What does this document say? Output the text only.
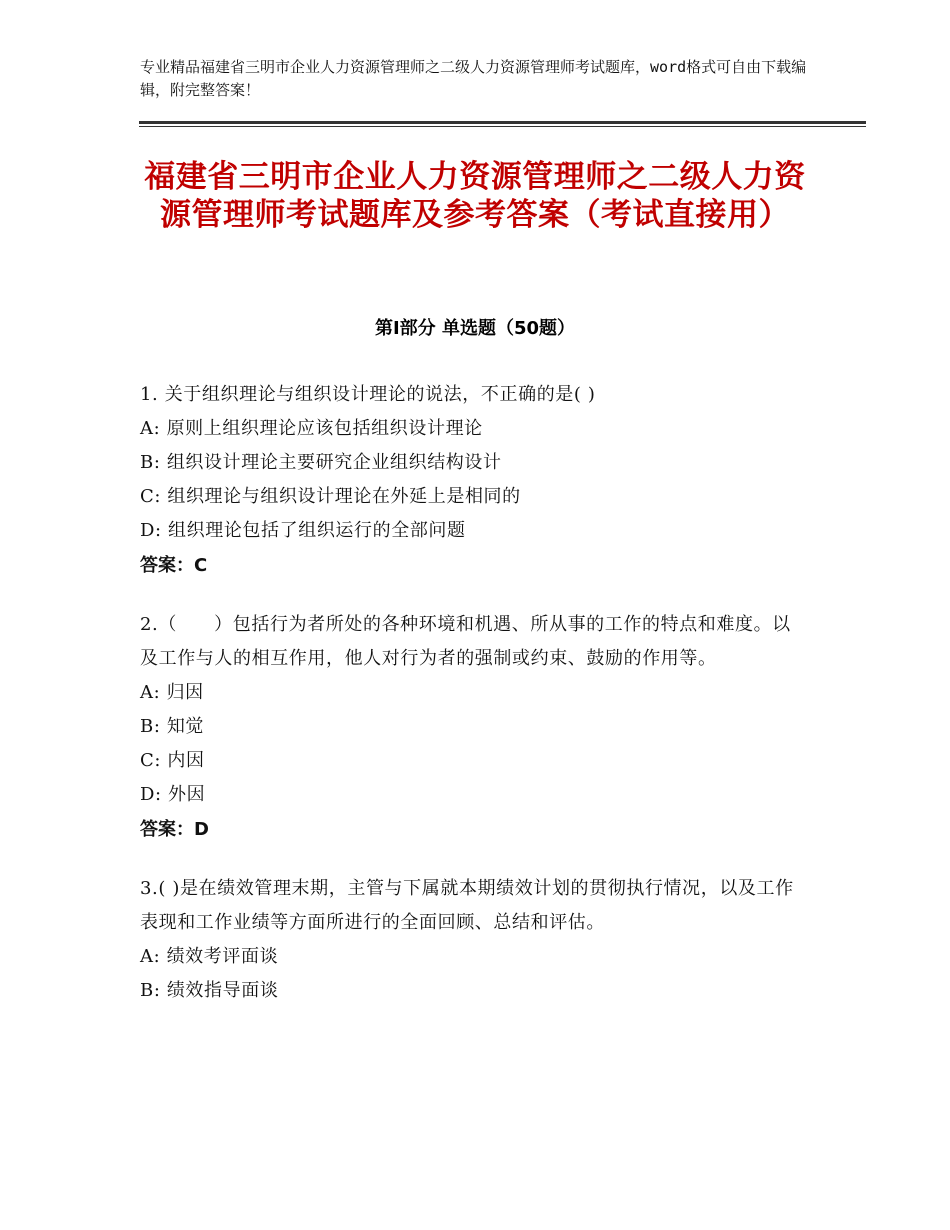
专业精品福建省三明市企业人力资源管理师之二级人力资源管理师考试题库，word格式可自由下载编辑，附完整答案！
福建省三明市企业人力资源管理师之二级人力资源管理师考试题库及参考答案（考试直接用）
第Ⅰ部分 单选题（50题）

1. 关于组织理论与组织设计理论的说法，不正确的是( )

A: 原则上组织理论应该包括组织设计理论

B: 组织设计理论主要研究企业组织结构设计

C: 组织理论与组织设计理论在外延上是相同的

D: 组织理论包括了组织运行的全部问题

答案：C

2.（　　）包括行为者所处的各种环境和机遇、所从事的工作的特点和难度。以及工作与人的相互作用，他人对行为者的强制或约束、鼓励的作用等。

A: 归因

B: 知觉

C: 内因

D: 外因

答案：D

3.( )是在绩效管理末期，主管与下属就本期绩效计划的贯彻执行情况，以及工作表现和工作业绩等方面所进行的全面回顾、总结和评估。

A: 绩效考评面谈

B: 绩效指导面谈
